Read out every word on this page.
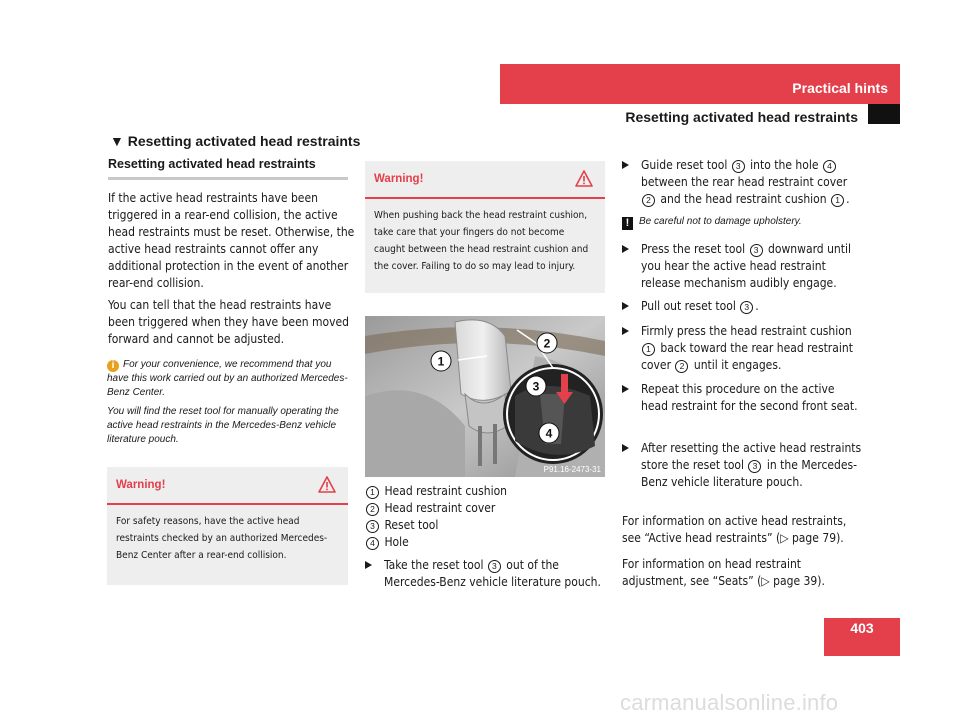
Practical hints
Resetting activated head restraints
▼ Resetting activated head restraints
Resetting activated head restraints
If the active head restraints have been triggered in a rear-end collision, the active head restraints must be reset. Otherwise, the active head restraints cannot offer any additional protection in the event of another rear-end collision.
You can tell that the head restraints have been triggered when they have been moved forward and cannot be adjusted.

i For your convenience, we recommend that you have this work carried out by an authorized Mercedes-Benz Center.

You will find the reset tool for manually operating the active head restraints in the Mercedes-Benz vehicle literature pouch.

Warning!
For safety reasons, have the active head restraints checked by an authorized Mercedes-Benz Center after a rear-end collision.
Warning!
When pushing back the head restraint cushion, take care that your fingers do not become caught between the head restraint cushion and the cover. Failing to do so may lead to injury.
1
2
3
4
P91.16-2473-31
1 Head restraint cushion
2 Head restraint cover
3 Reset tool
4 Hole
Take the reset tool 3 out of the Mercedes-Benz vehicle literature pouch.
Guide reset tool 3 into the hole 4 between the rear head restraint cover 2 and the head restraint cushion 1 .
! Be careful not to damage upholstery.
Press the reset tool 3 downward until you hear the active head restraint release mechanism audibly engage.
Pull out reset tool 3 .
Firmly press the head restraint cushion 1 back toward the rear head restraint cover 2 until it engages.
Repeat this procedure on the active head restraint for the second front seat.
After resetting the active head restraints store the reset tool 3 in the Mercedes-Benz vehicle literature pouch.
For information on active head restraints, see “Active head restraints” (▷ page 79).
For information on head restraint adjustment, see “Seats” (▷ page 39).
403
carmanualsonline.info
